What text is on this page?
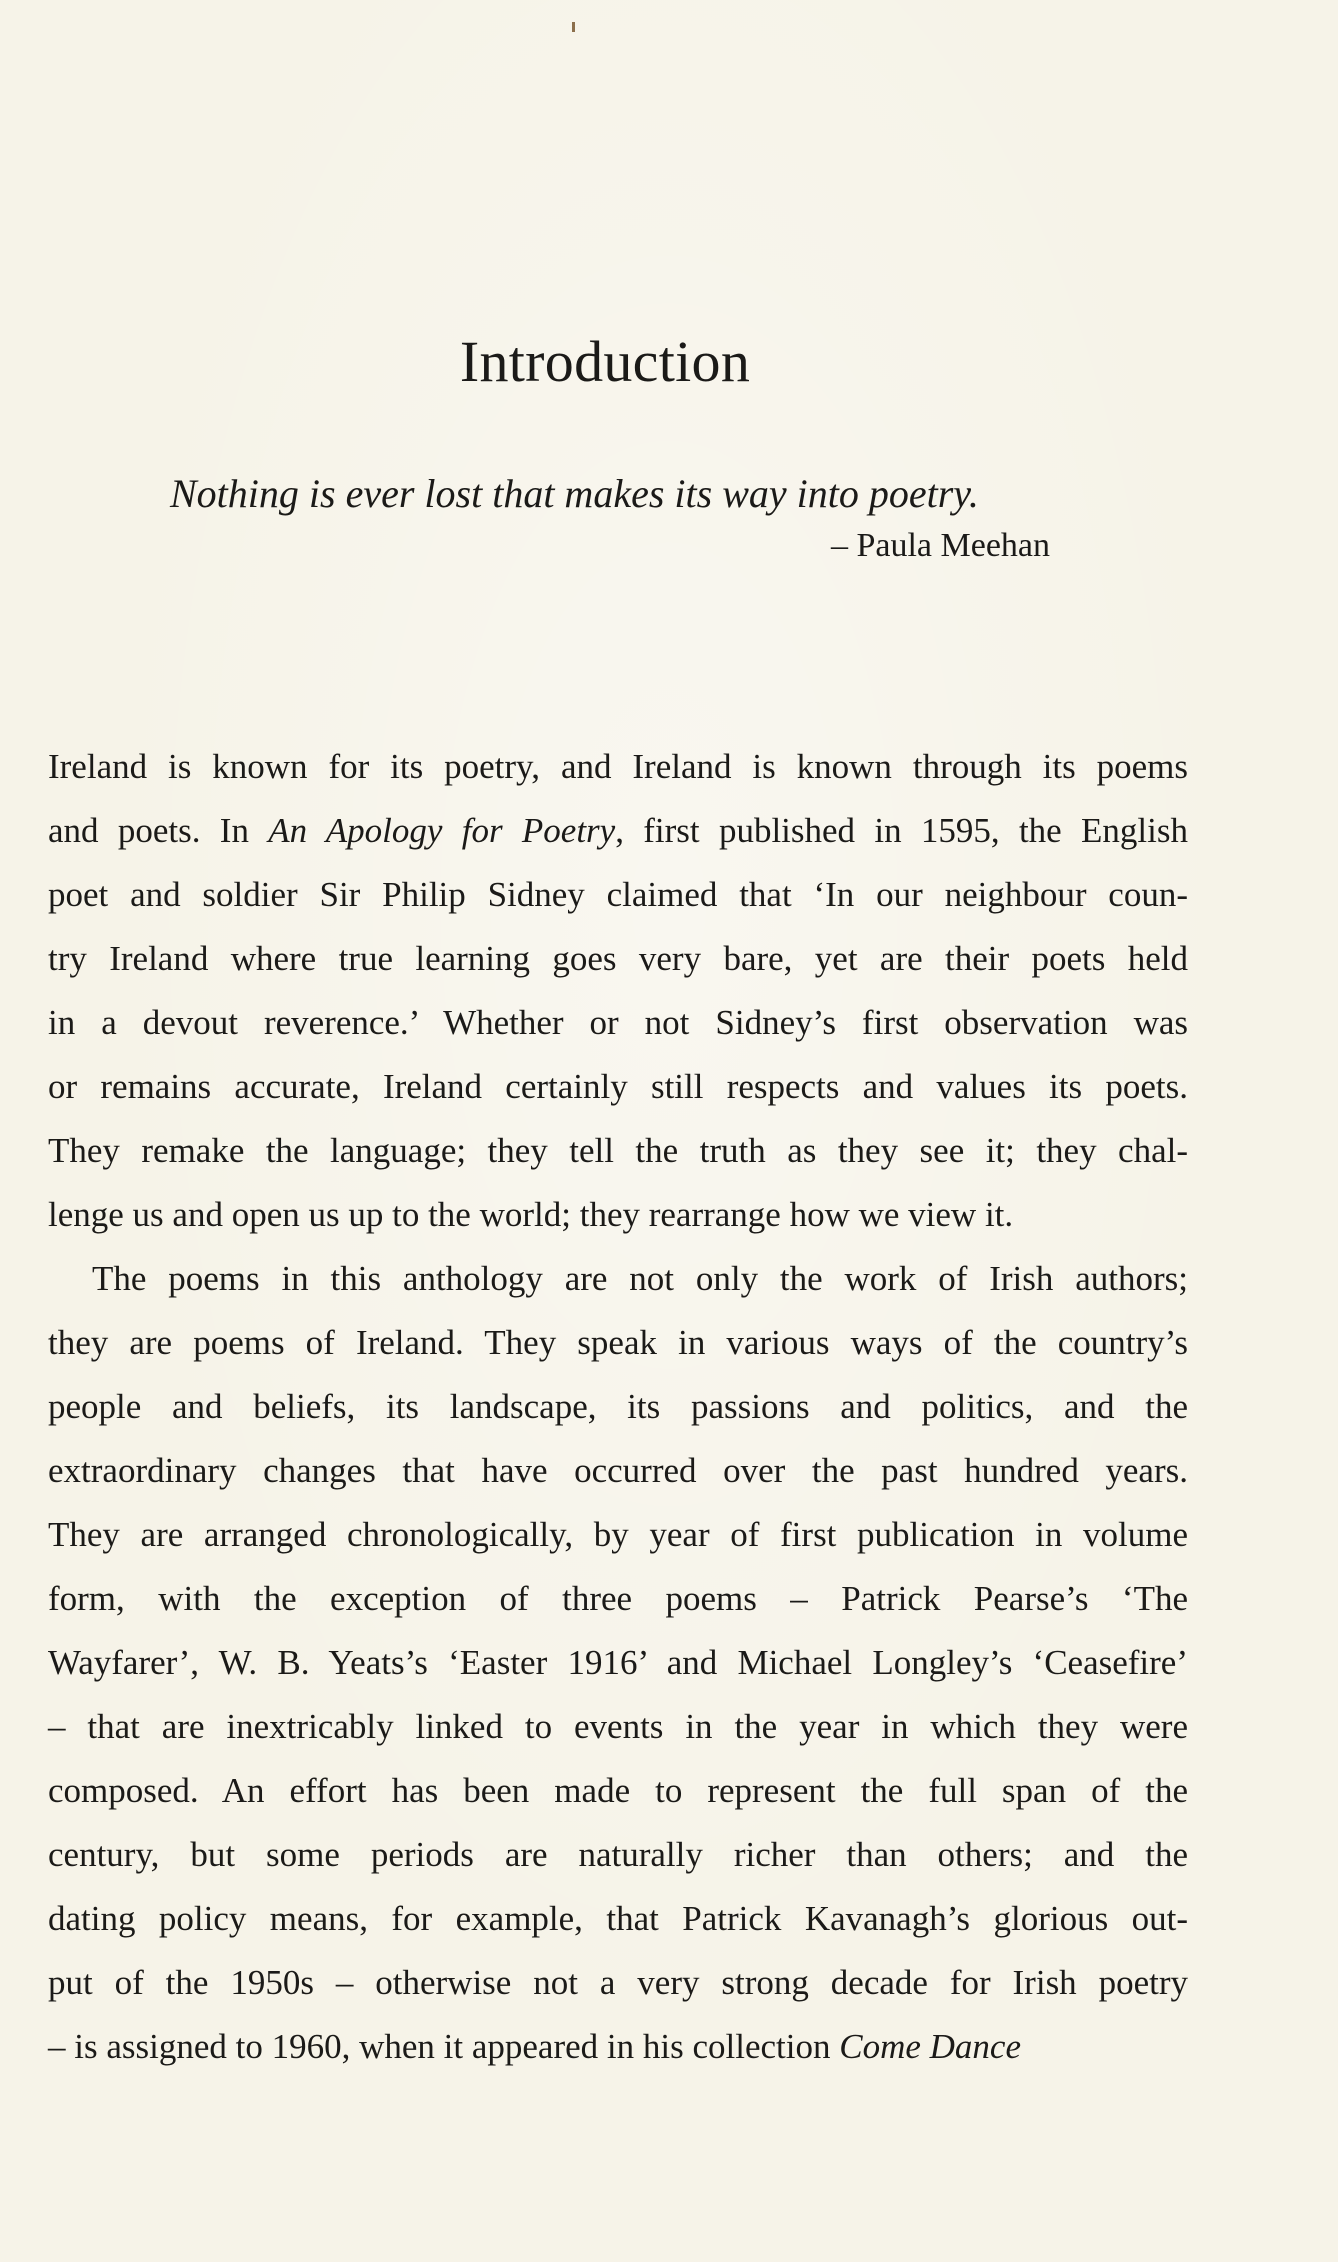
Introduction

Nothing is ever lost that makes its way into poetry.

– Paula Meehan

Ireland is known for its poetry, and Ireland is known through its poems
and poets. In An Apology for Poetry, first published in 1595, the English
poet and soldier Sir Philip Sidney claimed that ‘In our neighbour coun-
try Ireland where true learning goes very bare, yet are their poets held
in a devout reverence.’ Whether or not Sidney’s first observation was
or remains accurate, Ireland certainly still respects and values its poets.
They remake the language; they tell the truth as they see it; they chal-
lenge us and open us up to the world; they rearrange how we view it.
The poems in this anthology are not only the work of Irish authors;
they are poems of Ireland. They speak in various ways of the country’s
people and beliefs, its landscape, its passions and politics, and the
extraordinary changes that have occurred over the past hundred years.
They are arranged chronologically, by year of first publication in volume
form, with the exception of three poems – Patrick Pearse’s ‘The
Wayfarer’, W. B. Yeats’s ‘Easter 1916’ and Michael Longley’s ‘Ceasefire’
– that are inextricably linked to events in the year in which they were
composed. An effort has been made to represent the full span of the
century, but some periods are naturally richer than others; and the
dating policy means, for example, that Patrick Kavanagh’s glorious out-
put of the 1950s – otherwise not a very strong decade for Irish poetry
– is assigned to 1960, when it appeared in his collection Come Dance
